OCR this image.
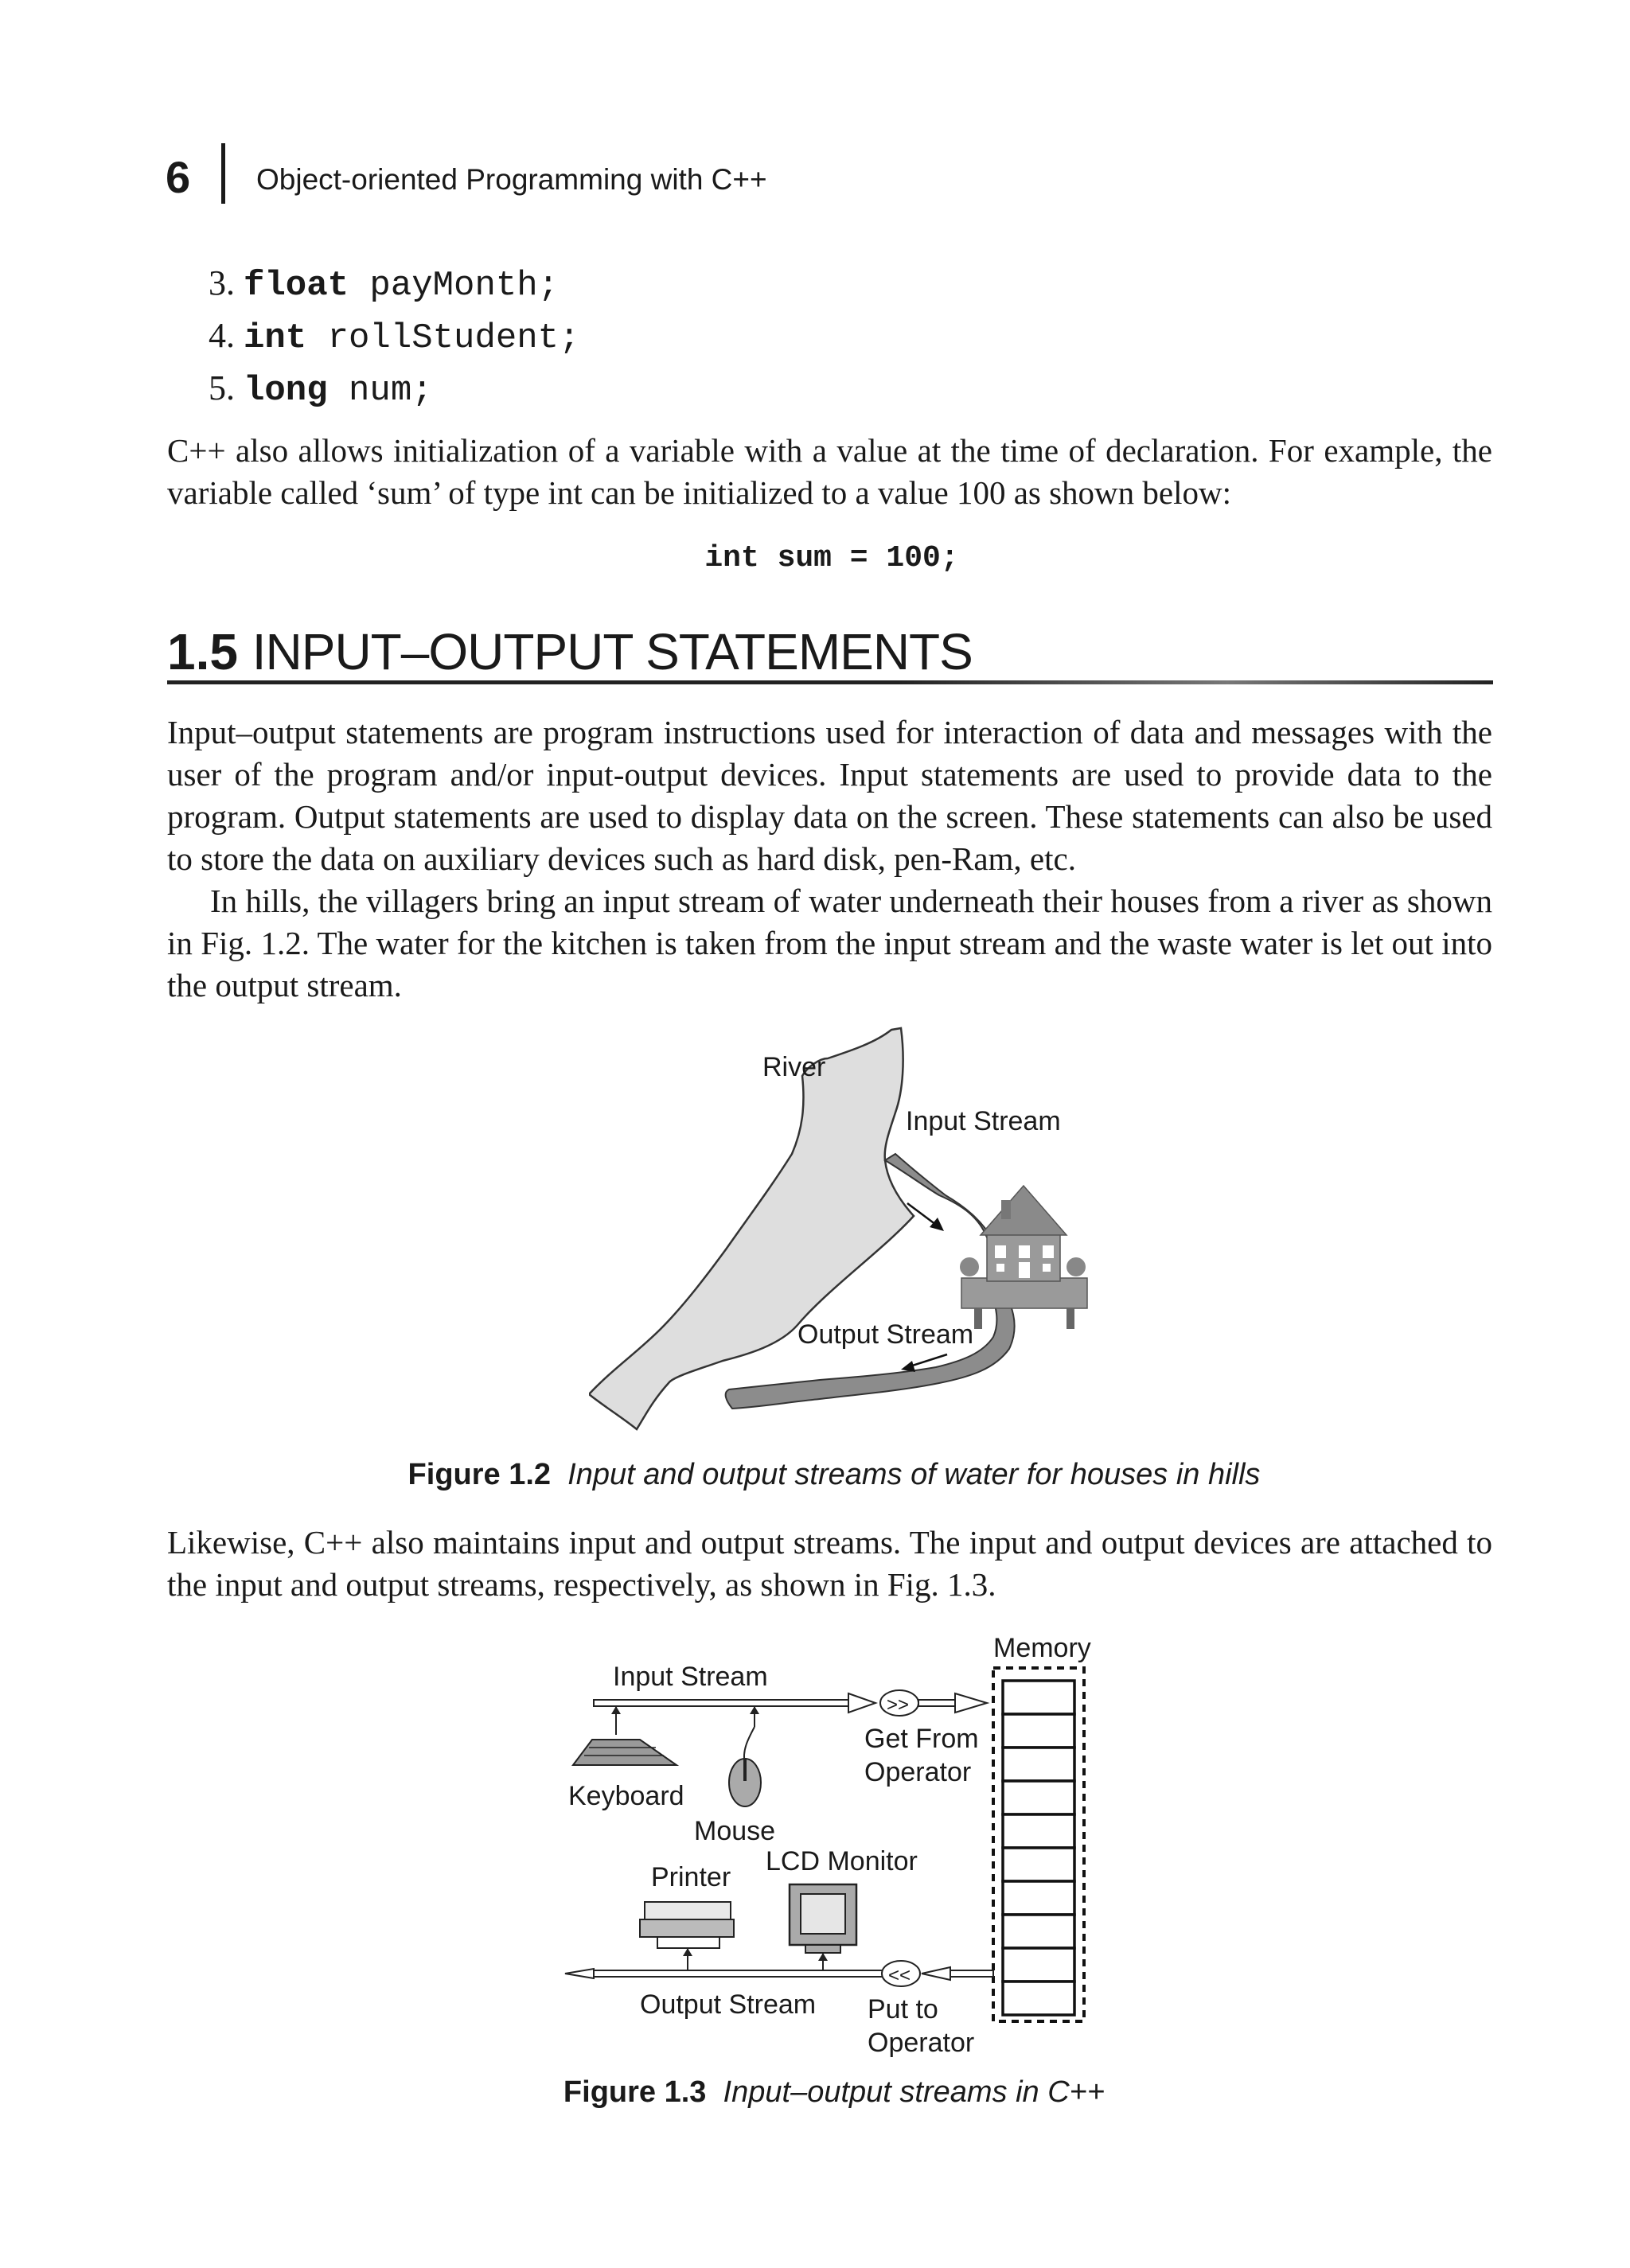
6 Object-oriented Programming with C++
3. float payMonth;
4. int rollStudent;
5. long num;

C++ also allows initialization of a variable with a value at the time of declaration. For example, the variable called ‘sum’ of type int can be initialized to a value 100 as shown below:

int sum = 100;
1.5 INPUT–OUTPUT STATEMENTS

Input–output statements are program instructions used for interaction of data and messages with the user of the program and/or input-output devices. Input statements are used to provide data to the program. Output statements are used to display data on the screen. These statements can also be used to store the data on auxiliary devices such as hard disk, pen-Ram, etc.

In hills, the villagers bring an input stream of water underneath their houses from a river as shown in Fig. 1.2. The water for the kitchen is taken from the input stream and the waste water is let out into the output stream.

River
Input Stream
Output Stream
Figure 1.2 Input and output streams of water for houses in hills

Likewise, C++ also maintains input and output streams. The input and output devices are attached to the input and output streams, respectively, as shown in Fig. 1.3.

Memory
Input Stream
>>
Get From
Operator
Keyboard
Mouse
LCD Monitor
Printer
<<
Output Stream Put to
Operator
Figure 1.3 Input–output streams in C++
